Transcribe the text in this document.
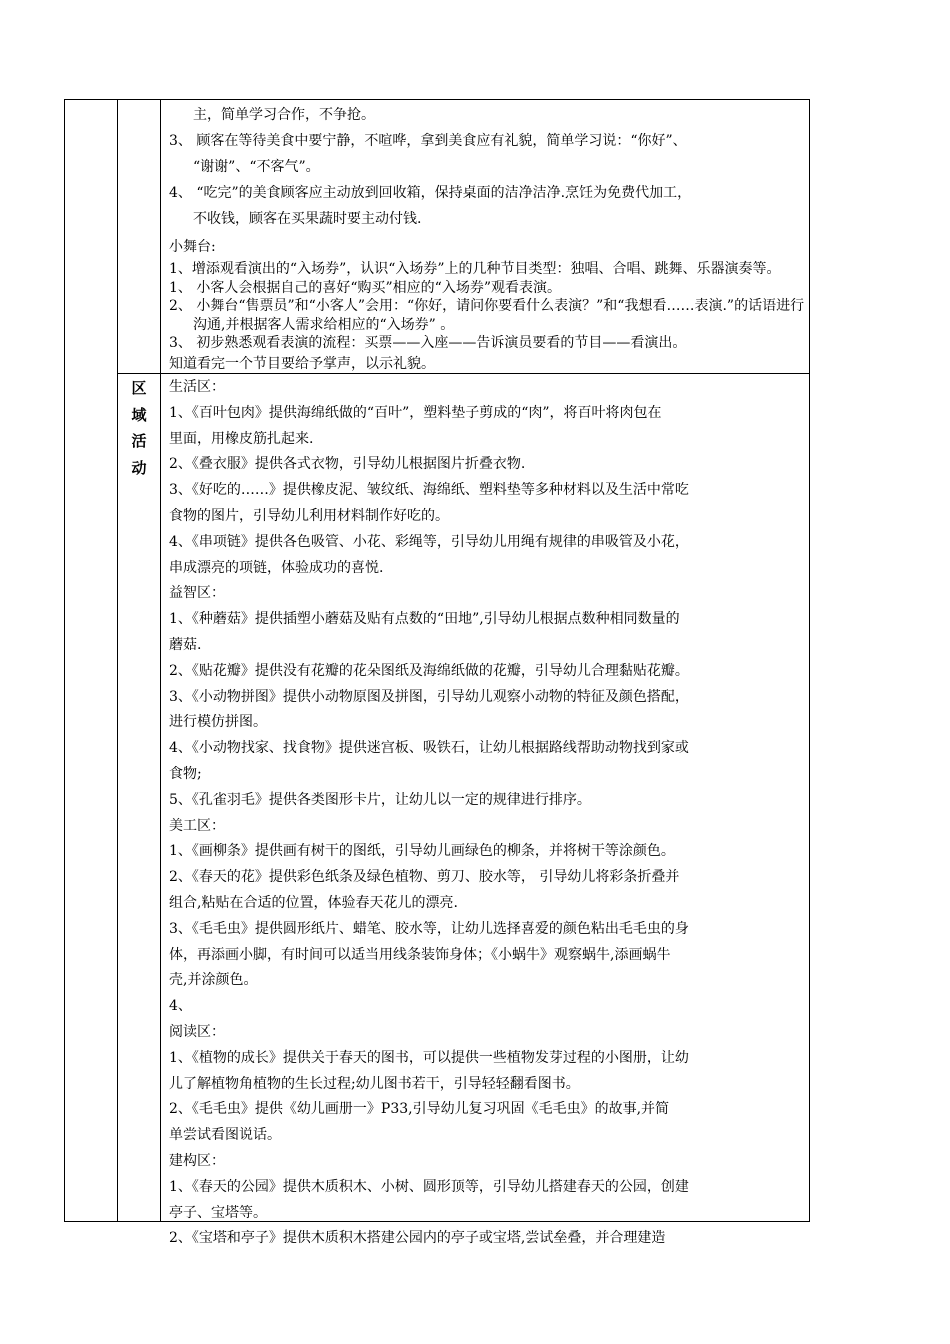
区
域
活
动
主，简单学习合作，不争抢。
3、 顾客在等待美食中要宁静，不喧哗，拿到美食应有礼貌，简单学习说：“你好”、
“谢谢”、“不客气”。
4、 “吃完”的美食顾客应主动放到回收箱，保持桌面的洁净洁净.烹饪为免费代加工，
不收钱，顾客在买果蔬时要主动付钱.
小舞台:
1、增添观看演出的“入场券”，认识“入场券”上的几种节目类型：独唱、合唱、跳舞、乐器演奏等。
1、 小客人会根据自己的喜好“购买”相应的“入场券”观看表演。
2、 小舞台“售票员”和“小客人”会用：“你好，请问你要看什么表演？”和“我想看……表演.”的话语进行沟通,并根据客人需求给相应的“入场券” 。
3、 初步熟悉观看表演的流程：买票——入座——告诉演员要看的节目——看演出。
知道看完一个节目要给予掌声，以示礼貌。
生活区：
1、《百叶包肉》提供海绵纸做的“百叶”，塑料垫子剪成的“肉”，将百叶将肉包在
里面，用橡皮筋扎起来.
2、《叠衣服》提供各式衣物，引导幼儿根据图片折叠衣物.
3、《好吃的……》提供橡皮泥、皱纹纸、海绵纸、塑料垫等多种材料以及生活中常吃
食物的图片，引导幼儿利用材料制作好吃的。
4、《串项链》提供各色吸管、小花、彩绳等，引导幼儿用绳有规律的串吸管及小花，
串成漂亮的项链，体验成功的喜悦.
益智区：
1、《种蘑菇》提供插塑小蘑菇及贴有点数的“田地”,引导幼儿根据点数种相同数量的
蘑菇.
2、《贴花瓣》提供没有花瓣的花朵图纸及海绵纸做的花瓣，引导幼儿合理黏贴花瓣。
3、《小动物拼图》提供小动物原图及拼图，引导幼儿观察小动物的特征及颜色搭配，
进行模仿拼图。
4、《小动物找家、找食物》提供迷宫板、吸铁石，让幼儿根据路线帮助动物找到家或
食物;
5、《孔雀羽毛》提供各类图形卡片，让幼儿以一定的规律进行排序。
美工区：
1、《画柳条》提供画有树干的图纸，引导幼儿画绿色的柳条，并将树干等涂颜色。
2、《春天的花》提供彩色纸条及绿色植物、剪刀、胶水等， 引导幼儿将彩条折叠并
组合,粘贴在合适的位置，体验春天花儿的漂亮.
3、《毛毛虫》提供圆形纸片、蜡笔、胶水等，让幼儿选择喜爱的颜色粘出毛毛虫的身
体，再添画小脚，有时间可以适当用线条装饰身体；《小蜗牛》观察蜗牛,添画蜗牛
壳,并涂颜色。
4、
阅读区：
1、《植物的成长》提供关于春天的图书，可以提供一些植物发芽过程的小图册，让幼
儿了解植物角植物的生长过程;幼儿图书若干，引导轻轻翻看图书。
2、《毛毛虫》提供《幼儿画册一》P33,引导幼儿复习巩固《毛毛虫》的故事,并简
单尝试看图说话。
建构区：
1、《春天的公园》提供木质积木、小树、圆形顶等，引导幼儿搭建春天的公园，创建
亭子、宝塔等。
2、《宝塔和亭子》提供木质积木搭建公园内的亭子或宝塔,尝试垒叠，并合理建造
